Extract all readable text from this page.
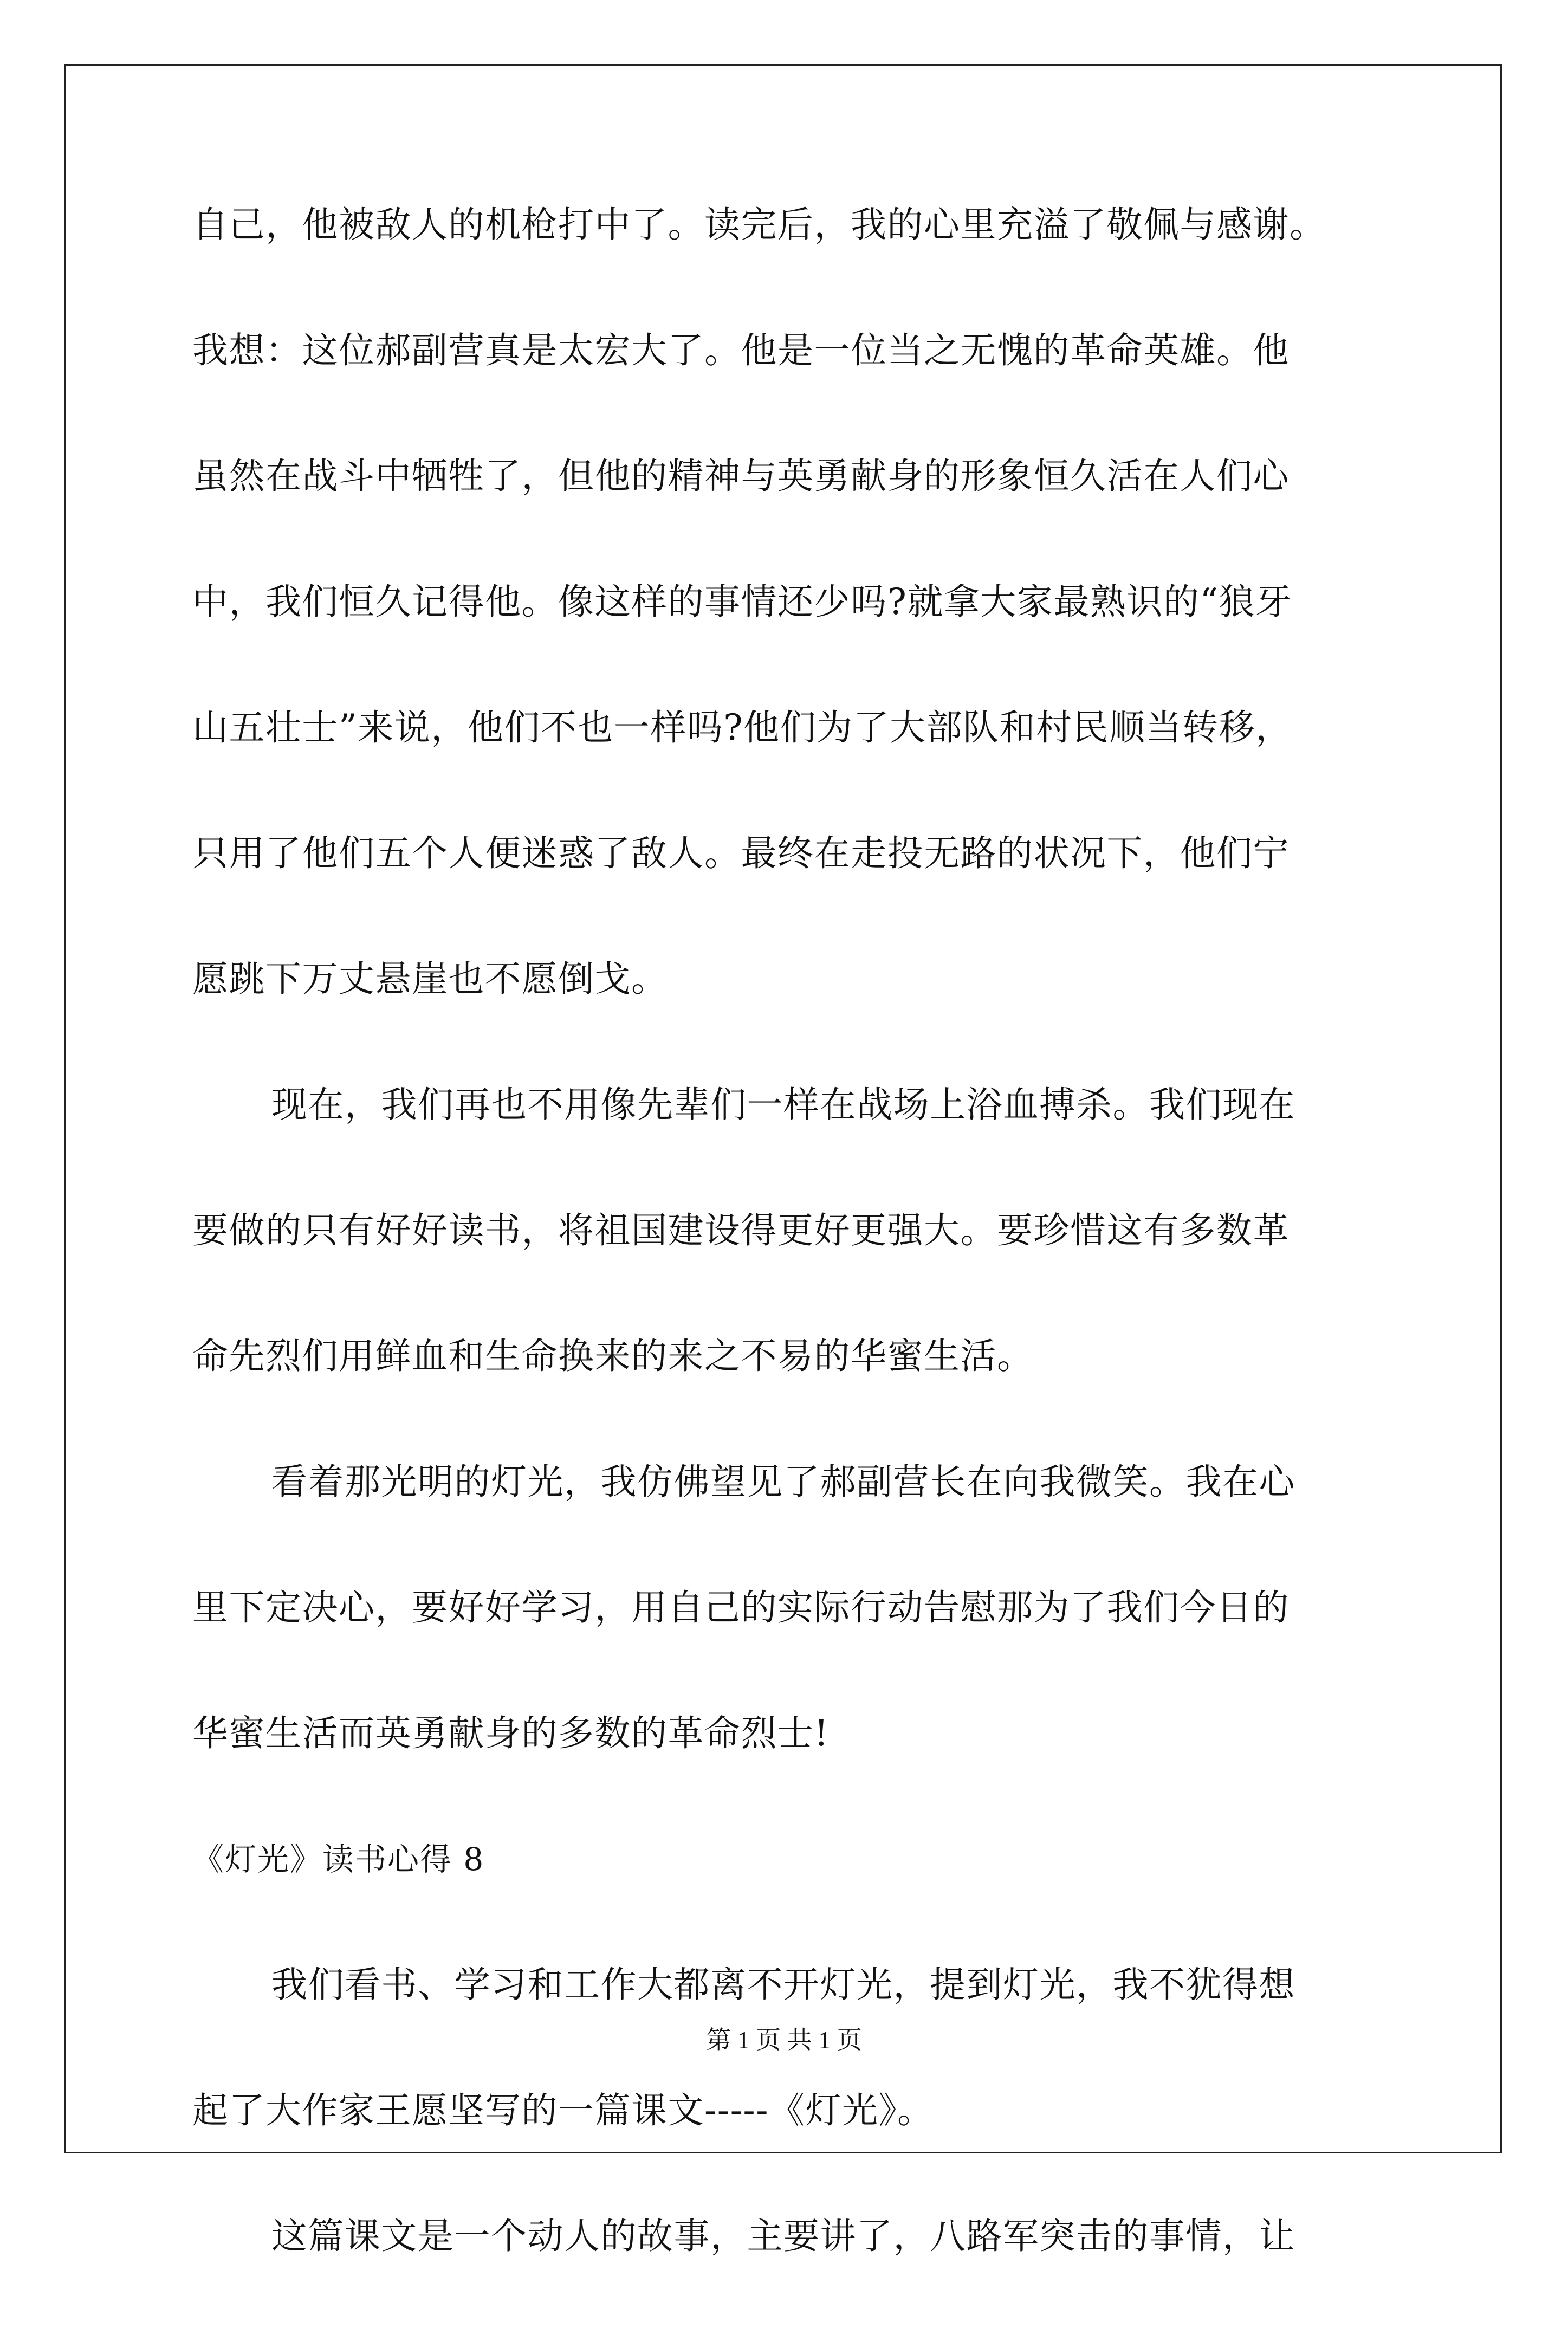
自己，他被敌人的机枪打中了。读完后，我的心里充溢了敬佩与感谢。
我想：这位郝副营真是太宏大了。他是一位当之无愧的革命英雄。他
虽然在战斗中牺牲了，但他的精神与英勇献身的形象恒久活在人们心
中，我们恒久记得他。像这样的事情还少吗?就拿大家最熟识的“狼牙
山五壮士”来说，他们不也一样吗?他们为了大部队和村民顺当转移，
只用了他们五个人便迷惑了敌人。最终在走投无路的状况下，他们宁
愿跳下万丈悬崖也不愿倒戈。
现在，我们再也不用像先辈们一样在战场上浴血搏杀。我们现在
要做的只有好好读书，将祖国建设得更好更强大。要珍惜这有多数革
命先烈们用鲜血和生命换来的来之不易的华蜜生活。
看着那光明的灯光，我仿佛望见了郝副营长在向我微笑。我在心
里下定决心，要好好学习，用自己的实际行动告慰那为了我们今日的
华蜜生活而英勇献身的多数的革命烈士!
《灯光》读书心得 8
我们看书、学习和工作大都离不开灯光，提到灯光，我不犹得想
起了大作家王愿坚写的一篇课文-----《灯光》。
这篇课文是一个动人的故事，主要讲了，八路军突击的事情，让
第 1 页 共 1 页
